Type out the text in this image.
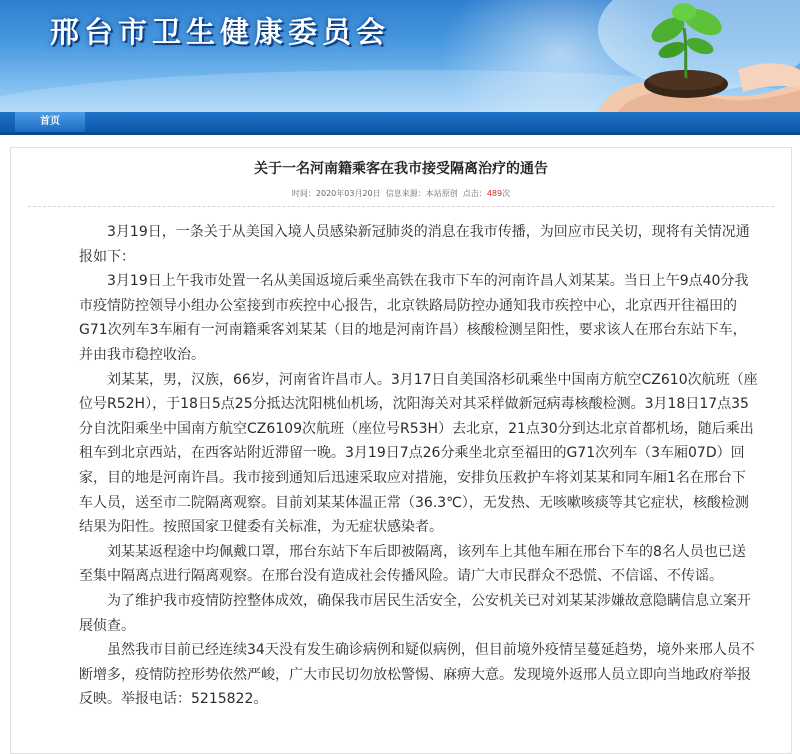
邢台市卫生健康委员会
首页
关于一名河南籍乘客在我市接受隔离治疗的通告
时间：2020年03月20日 信息来源：本站原创 点击：489次

3月19日，一条关于从美国入境人员感染新冠肺炎的消息在我市传播，为回应市民关切，现将有关情况通报如下：

3月19日上午我市处置一名从美国返境后乘坐高铁在我市下车的河南许昌人刘某某。当日上午9点40分我市疫情防控领导小组办公室接到市疾控中心报告，北京铁路局防控办通知我市疾控中心，北京西开往福田的G71次列车3车厢有一河南籍乘客刘某某（目的地是河南许昌）核酸检测呈阳性，要求该人在邢台东站下车，并由我市稳控收治。

刘某某，男，汉族，66岁，河南省许昌市人。3月17日自美国洛杉矶乘坐中国南方航空CZ610次航班（座位号R52H），于18日5点25分抵达沈阳桃仙机场，沈阳海关对其采样做新冠病毒核酸检测。3月18日17点35分自沈阳乘坐中国南方航空CZ6109次航班（座位号R53H）去北京，21点30分到达北京首都机场，随后乘出租车到北京西站，在西客站附近滞留一晚。3月19日7点26分乘坐北京至福田的G71次列车（3车厢07D）回家，目的地是河南许昌。我市接到通知后迅速采取应对措施，安排负压救护车将刘某某和同车厢1名在邢台下车人员，送至市二院隔离观察。目前刘某某体温正常（36.3℃），无发热、无咳嗽咳痰等其它症状，核酸检测结果为阳性。按照国家卫健委有关标准，为无症状感染者。

刘某某返程途中均佩戴口罩，邢台东站下车后即被隔离，该列车上其他车厢在邢台下车的8名人员也已送至集中隔离点进行隔离观察。在邢台没有造成社会传播风险。请广大市民群众不恐慌、不信谣、不传谣。

为了维护我市疫情防控整体成效，确保我市居民生活安全，公安机关已对刘某某涉嫌故意隐瞒信息立案开展侦查。

虽然我市目前已经连续34天没有发生确诊病例和疑似病例，但目前境外疫情呈蔓延趋势，境外来邢人员不断增多，疫情防控形势依然严峻，广大市民切勿放松警惕、麻痹大意。发现境外返邢人员立即向当地政府举报反映。举报电话：5215822。
